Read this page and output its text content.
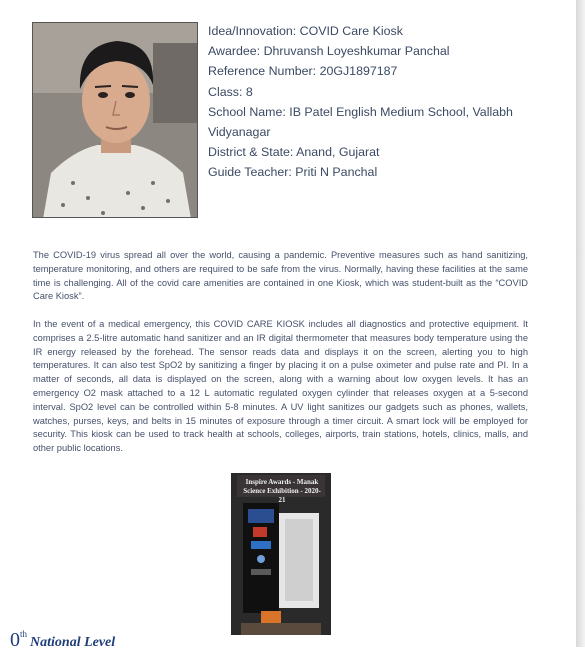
Idea/Innovation: COVID Care Kiosk
Awardee: Dhruvansh Loyeshkumar Panchal
Reference Number: 20GJ1897187
Class: 8
School Name: IB Patel English Medium School, Vallabh
Vidyanagar
District & State: Anand, Gujarat
Guide Teacher: Priti N Panchal

The COVID-19 virus spread all over the world, causing a pandemic. Preventive measures such as hand sanitizing, temperature monitoring, and others are required to be safe from the virus. Normally, having these facilities at the same time is challenging. All of the covid care amenities are contained in one Kiosk, which was student-built as the “COVID Care Kiosk”.

In the event of a medical emergency, this COVID CARE KIOSK includes all diagnostics and protective equipment. It comprises a 2.5-litre automatic hand sanitizer and an IR digital thermometer that measures body temperature using the IR energy released by the forehead. The sensor reads data and displays it on the screen, alerting you to high temperatures. It can also test SpO2 by sanitizing a finger by placing it on a pulse oximeter and pulse rate and PI. In a matter of seconds, all data is displayed on the screen, along with a warning about low oxygen levels. It has an emergency O2 mask attached to a 12 L automatic regulated oxygen cylinder that releases oxygen at a 5-second interval. SpO2 level can be controlled within 5-8 minutes. A UV light sanitizes our gadgets such as phones, wallets, watches, purses, keys, and belts in 15 minutes of exposure through a timer circuit. A smart lock will be employed for security. This kiosk can be used to track health at schools, colleges, airports, train stations, hotels, clinics, malls, and other public locations.

Inspire Awards - Manak
Science Exhibition - 2020-21
0thNational Level
